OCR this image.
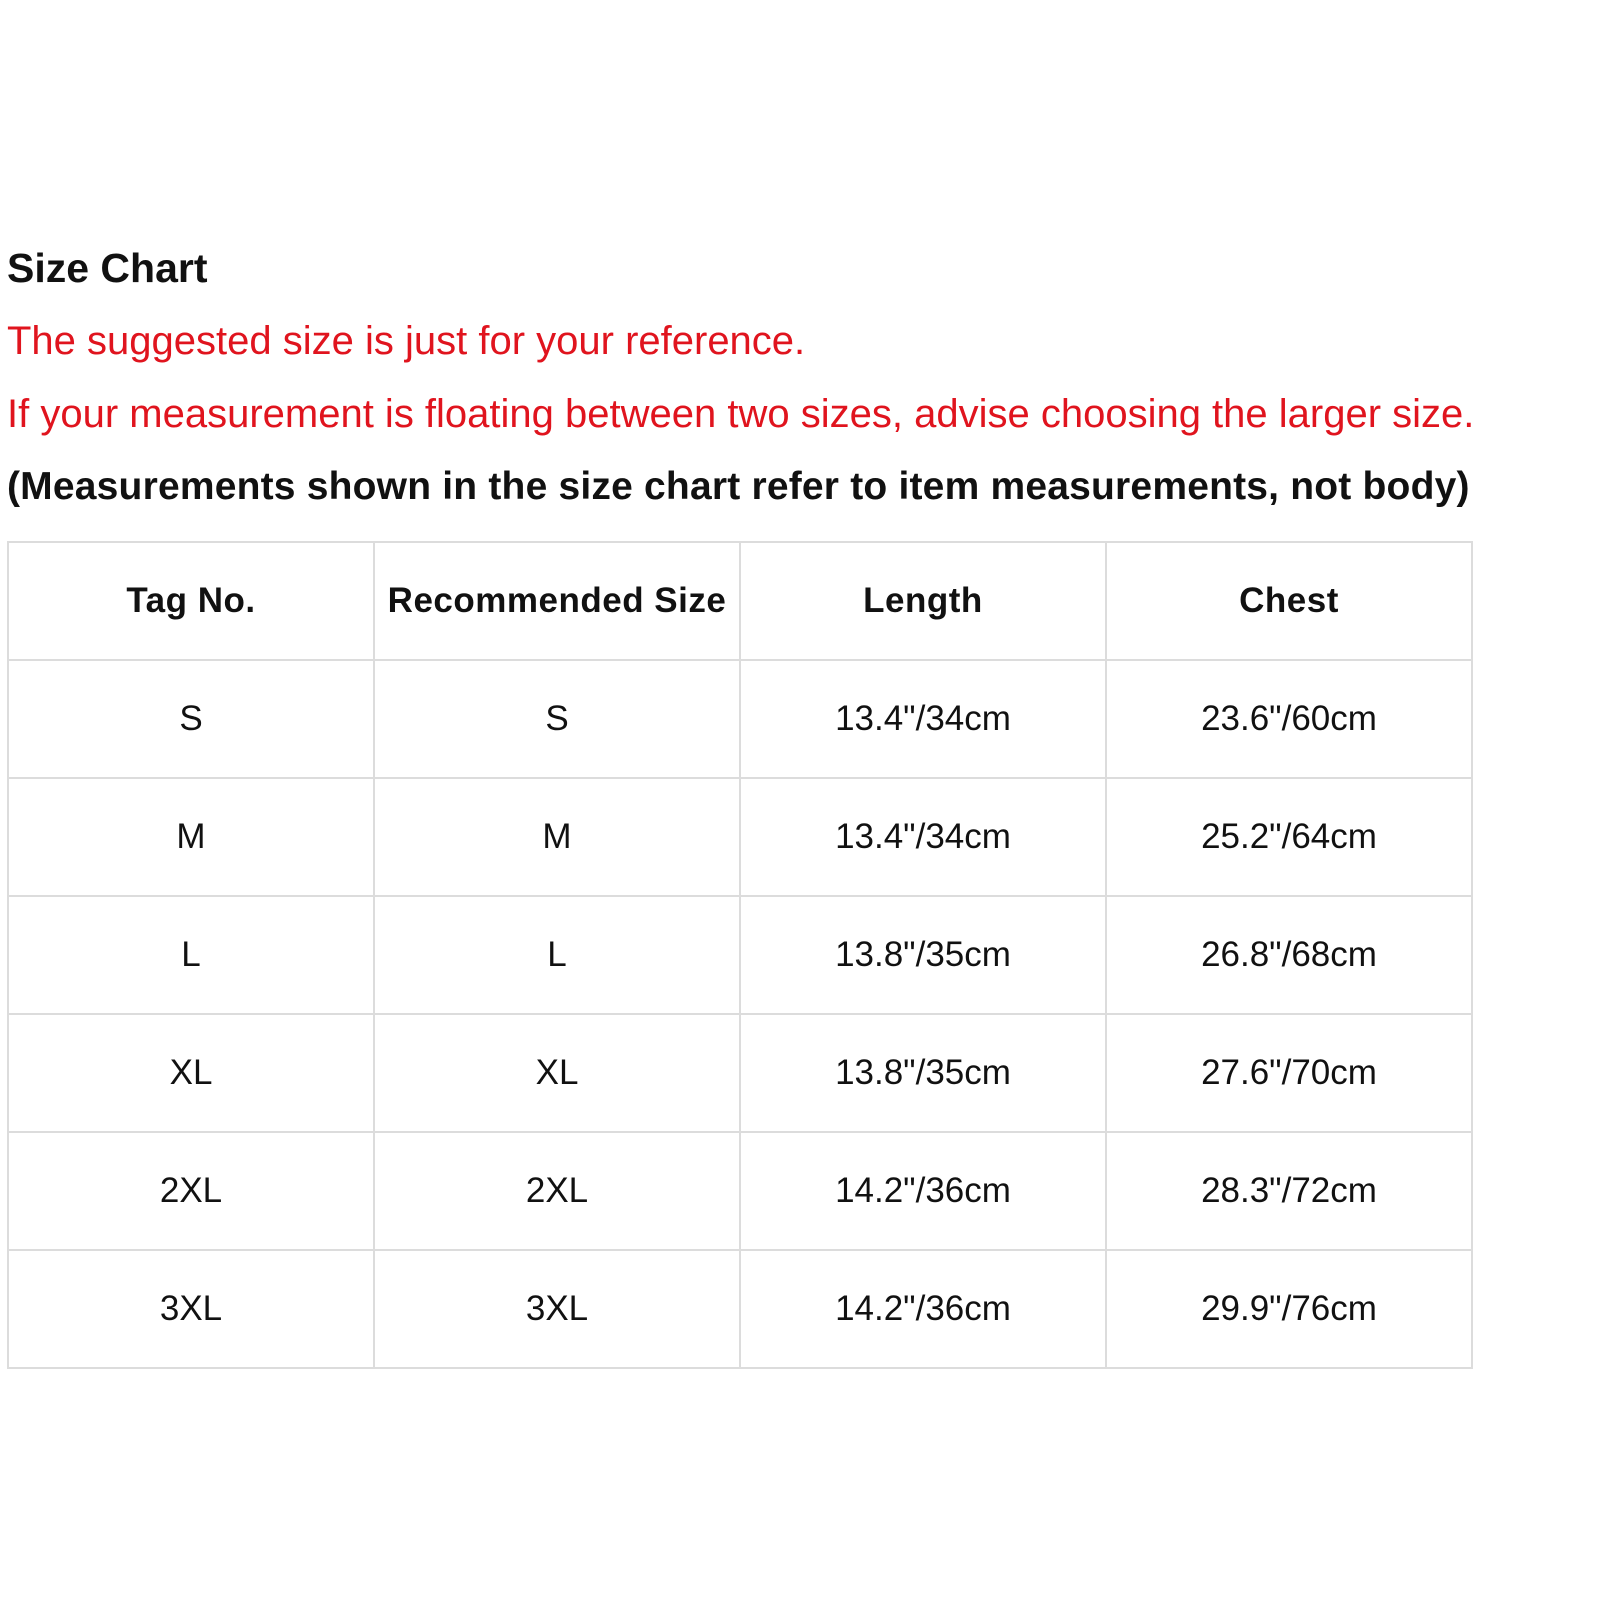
Size Chart
The suggested size is just for your reference.
If your measurement is floating between two sizes, advise choosing the larger size.
(Measurements shown in the size chart refer to item measurements, not body)
Tag No.	Recommended Size	Length	Chest
S	S	13.4"/34cm	23.6"/60cm
M	M	13.4"/34cm	25.2"/64cm
L	L	13.8"/35cm	26.8"/68cm
XL	XL	13.8"/35cm	27.6"/70cm
2XL	2XL	14.2"/36cm	28.3"/72cm
3XL	3XL	14.2"/36cm	29.9"/76cm
